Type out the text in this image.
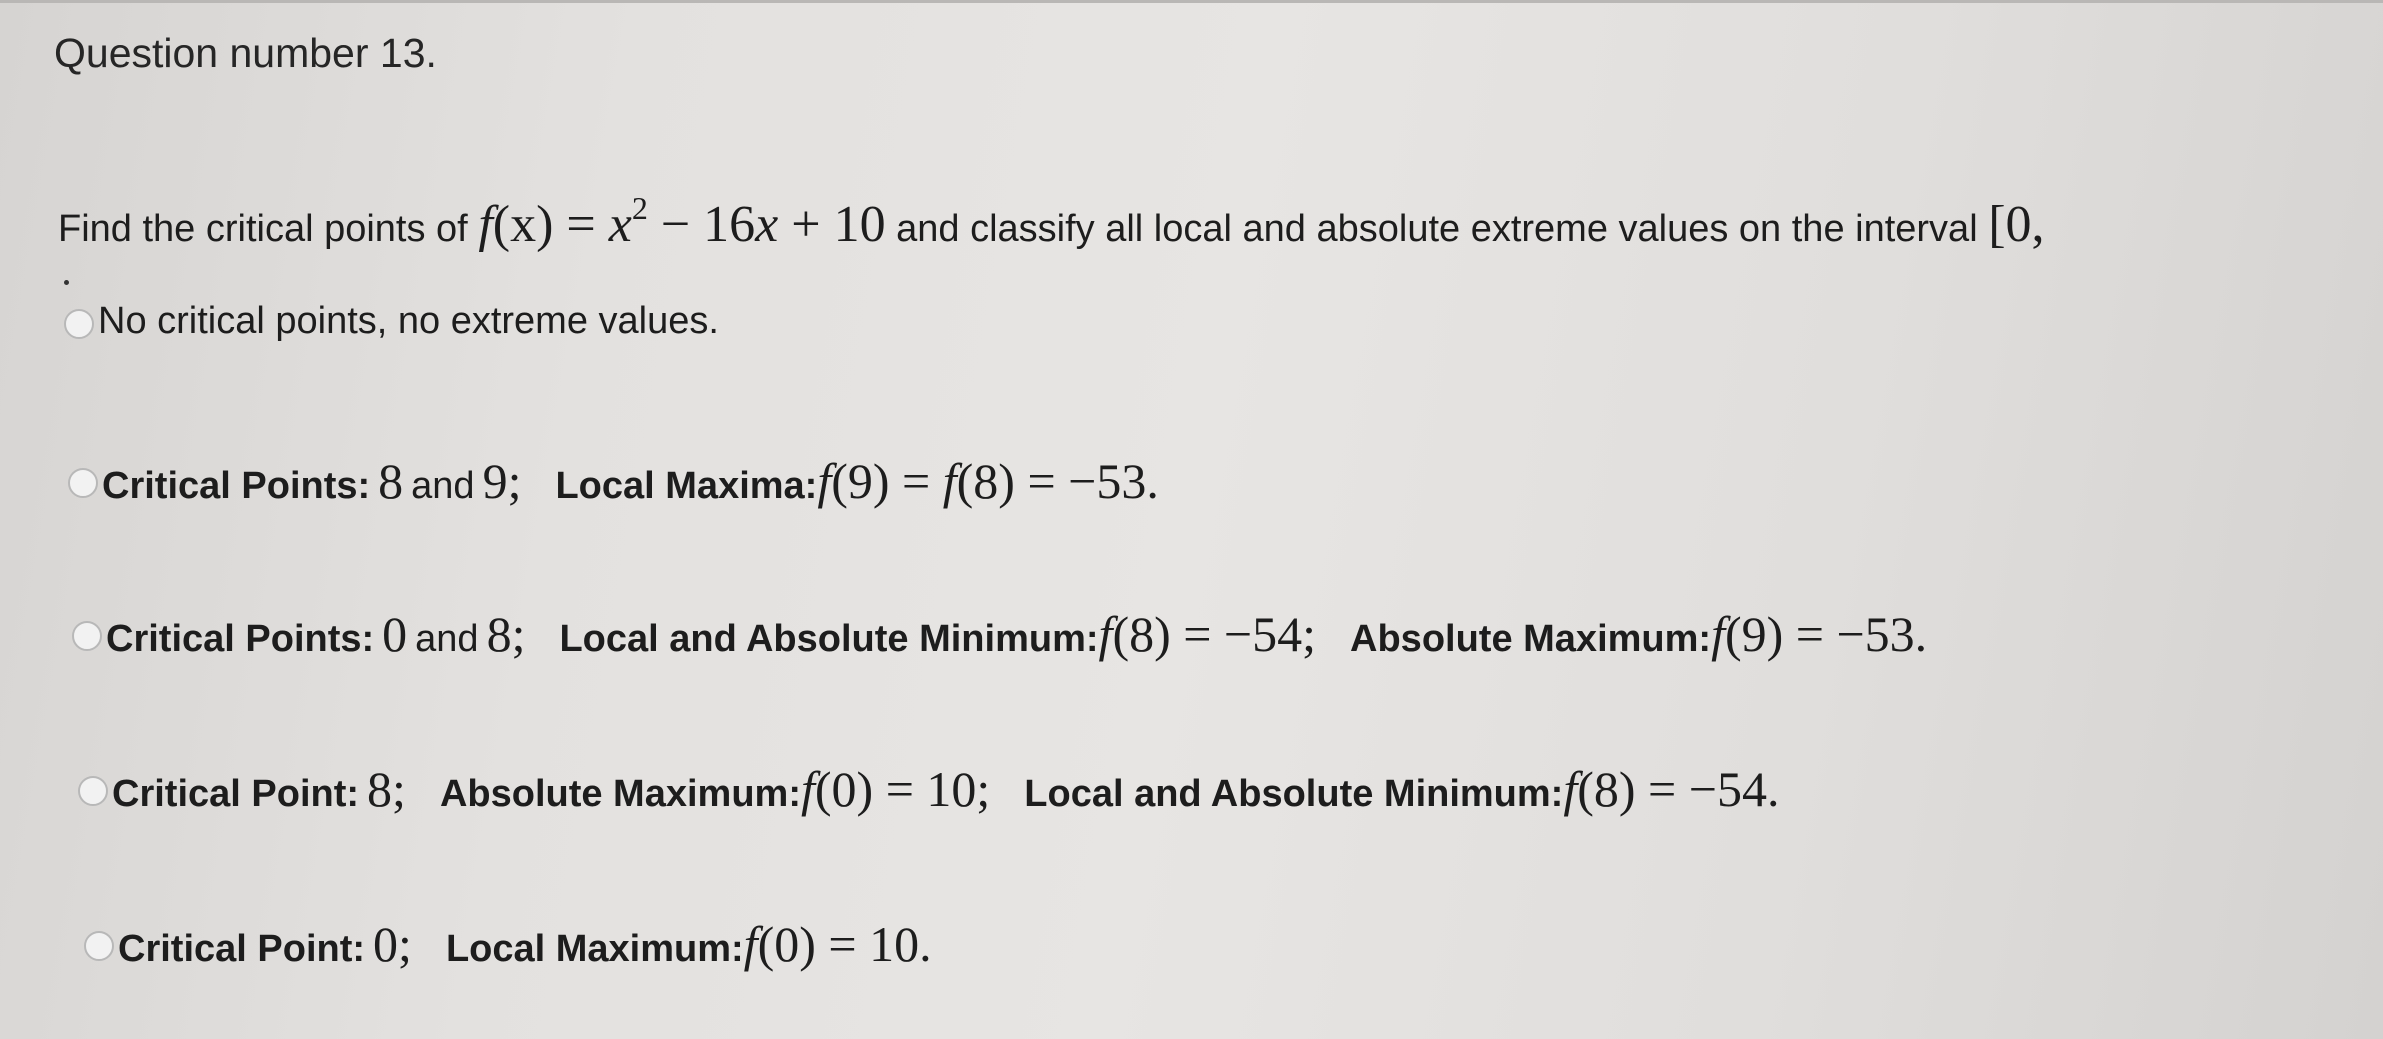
Question number 13.
Find the critical points of $f(x) = x^2 - 16x + 10$ and classify all local and absolute extreme values on the interval [0,
No critical points, no extreme values.
Critical Points: 8 and 9 ; Local Maxima: f(9) = f(8) = −53.
Critical Points: 0 and 8 ; Local and Absolute Minimum: f(8) = −54; Absolute Maximum: f(9) = −53.
Critical Point: 8 ; Absolute Maximum: f(0) = 10; Local and Absolute Minimum: f(8) = −54.
Critical Point: 0 ; Local Maximum: f(0) = 10.
